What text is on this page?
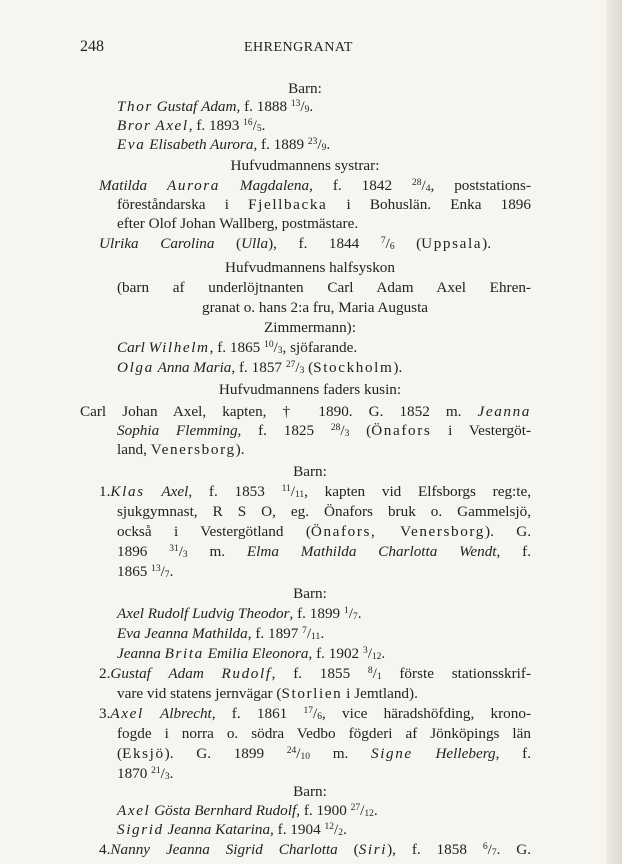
248	EHRENGRANAT
Barn:
Thor Gustaf Adam, f. 1888 $^{13}/_9$.
Bror Axel, f. 1893 $^{16}/_5$.
Eva Elisabeth Aurora, f. 1889 $^{23}/_9$.
Hufvudmannens systrar:
Matilda Aurora Magdalena, f. 1842 $^{28}/_4$, poststations-
föreståndarska i Fjellbacka i Bohuslän. Enka 1896
efter Olof Johan Wallberg, postmästare.
Ulrika Carolina (Ulla), f. 1844 $^7/_6$ (Uppsala).
Hufvudmannens halfsyskon
(barn af underlöjtnanten Carl Adam Axel Ehren-
granat o. hans 2:a fru, Maria Augusta
Zimmermann):
Carl Wilhelm, f. 1865 $^{10}/_3$, sjöfarande.
Olga Anna Maria, f. 1857 $^{27}/_3$ (Stockholm).
Hufvudmannens faders kusin:
Carl Johan Axel, kapten, † 1890. G. 1852 m. Jeanna
Sophia Flemming, f. 1825 $^{28}/_3$ (Önafors i Vestergöt-
land, Venersborg).
Barn:
1.Klas Axel, f. 1853 $^{11}/_{11}$, kapten vid Elfsborgs reg:te,
sjukgymnast, R S O, eg. Önafors bruk o. Gammelsjö,
också i Vestergötland (Önafors, Venersborg). G.
1896 $^{31}/_3$ m. Elma Mathilda Charlotta Wendt, f.
1865 $^{13}/_7$.
Barn:
Axel Rudolf Ludvig Theodor, f. 1899 $^1/_7$.
Eva Jeanna Mathilda, f. 1897 $^7/_{11}$.
Jeanna Brita Emilia Eleonora, f. 1902 $^3/_{12}$.
2.Gustaf Adam Rudolf, f. 1855 $^8/_1$ förste stationsskrif-
vare vid statens jernvägar (Storlien i Jemtland).
3.Axel Albrecht, f. 1861 $^{17}/_6$, vice häradshöfding, krono-
fogde i norra o. södra Vedbo fögderi af Jönköpings län
(Eksjö). G. 1899 $^{24}/_{10}$ m. Signe Helleberg, f.
1870 $^{21}/_3$.
Barn:
Axel Gösta Bernhard Rudolf, f. 1900 $^{27}/_{12}$.
Sigrid Jeanna Katarina, f. 1904 $^{12}/_2$.
4.Nanny Jeanna Sigrid Charlotta (Siri), f. 1858 $^6/_7$. G.
